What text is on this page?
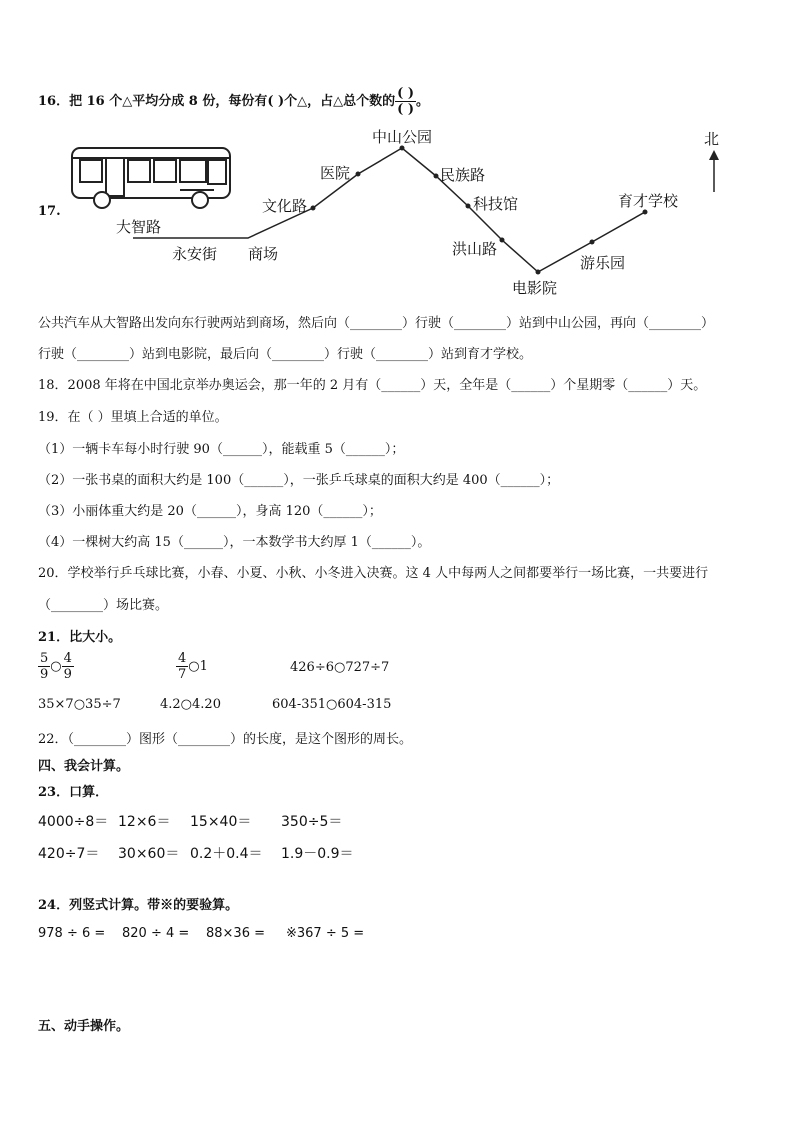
16．把 16 个△平均分成 8 份，每份有( )个△，占△总个数的 $\frac{( )}{( )}$ 。
17.
大智路
永安街 商场
文化路
医院
中山公园
民族路
科技馆
洪山路
电影院
游乐园
育才学校
北
公共汽车从大智路出发向东行驶两站到商场，然后向（________）行驶（________）站到中山公园，再向（________）
行驶（________）站到电影院，最后向（________）行驶（________）站到育才学校。
18．2008 年将在中国北京举办奥运会，那一年的 2 月有（______）天，全年是（______）个星期零（______）天。
19．在（ ）里填上合适的单位。
（1）一辆卡车每小时行驶 90（______），能载重 5（______）；
（2）一张书桌的面积大约是 100（______），一张乒乓球桌的面积大约是 400（______）；
（3）小丽体重大约是 20（______），身高 120（______）；
（4）一棵树大约高 15（______），一本数学书大约厚 1（______）。
20．学校举行乒乓球比赛，小春、小夏、小秋、小冬进入决赛。这 4 人中每两人之间都要举行一场比赛，一共要进行
（________）场比赛。
21．比大小。
$\frac{5}{9}$ ○ $\frac{4}{9}$	$\frac{4}{7}$ ○1	426÷6○727÷7
35×7○35÷7	4.2○4.20	604-351○604-315
22．（________）图形（________）的长度，是这个图形的周长。
四、我会计算。
23．口算．
4000÷8＝ 12×6＝ 15×40＝ 350÷5＝
420÷7＝ 30×60＝ 0.2＋0.4＝ 1.9－0.9＝
24．列竖式计算。带※的要验算。
978 ÷ 6 = 820 ÷ 4 = 88×36 = ※367 ÷ 5 =
五、动手操作。
